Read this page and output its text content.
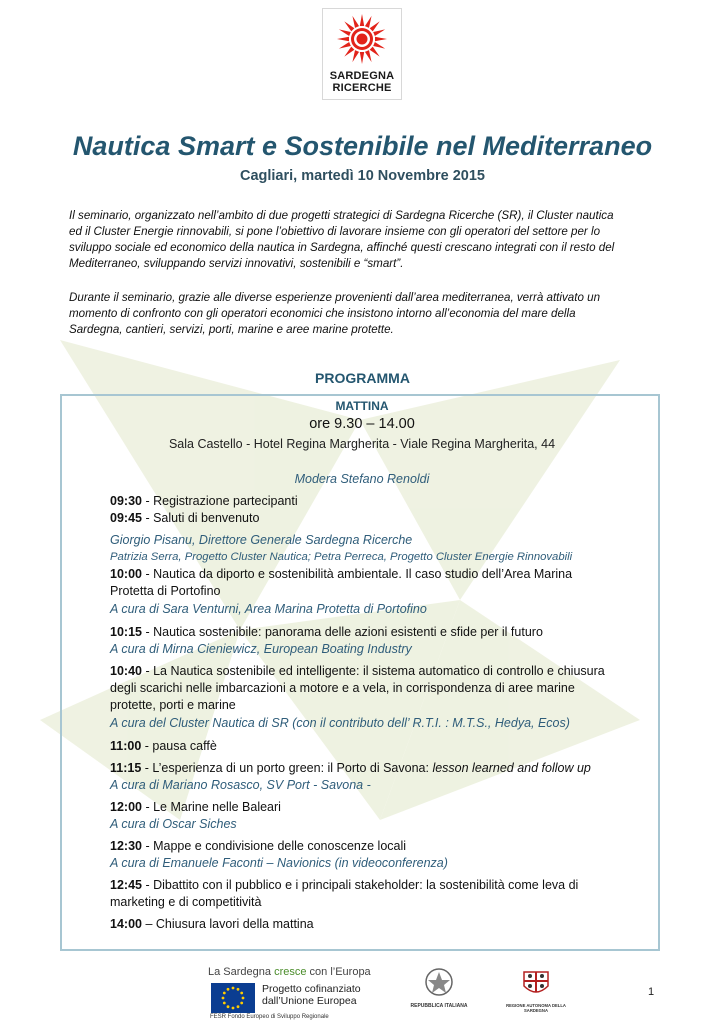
SARDEGNA
RICERCHE
Nautica Smart e Sostenibile nel Mediterraneo
Cagliari, martedì 10 Novembre 2015
Il seminario, organizzato nell’ambito di due progetti strategici di Sardegna Ricerche (SR), il Cluster nautica
ed il Cluster Energie rinnovabili, si pone l’obiettivo di lavorare insieme con gli operatori del settore per lo
sviluppo sociale ed economico della nautica in Sardegna, affinché questi crescano integrati con il resto del
Mediterraneo, sviluppando servizi innovativi, sostenibili e “smart”.
Durante il seminario, grazie alle diverse esperienze provenienti dall’area mediterranea, verrà attivato un
momento di confronto con gli operatori economici che insistono intorno all’economia del mare della
Sardegna, cantieri, servizi, porti, marine e aree marine protette.
PROGRAMMA
MATTINA
ore 9.30 – 14.00
Sala Castello - Hotel Regina Margherita - Viale Regina Margherita, 44
Modera Stefano Renoldi
09:30 - Registrazione partecipanti
09:45 - Saluti di benvenuto
Giorgio Pisanu, Direttore Generale Sardegna Ricerche
Patrizia Serra, Progetto Cluster Nautica; Petra Perreca, Progetto Cluster Energie Rinnovabili
10:00 - Nautica da diporto e sostenibilità ambientale. Il caso studio dell’Area Marina
Protetta di Portofino
A cura di Sara Venturni, Area Marina Protetta di Portofino
10:15 - Nautica sostenibile: panorama delle azioni esistenti e sfide per il futuro
A cura di Mirna Cieniewicz, European Boating Industry
10:40 - La Nautica sostenibile ed intelligente: il sistema automatico di controllo e chiusura
degli scarichi nelle imbarcazioni a motore e a vela, in corrispondenza di aree marine
protette, porti e marine
A cura del Cluster Nautica di SR (con il contributo dell’ R.T.I. : M.T.S., Hedya, Ecos)
11:00 - pausa caffè
11:15 - L’esperienza di un porto green: il Porto di Savona: lesson learned and follow up
A cura di Mariano Rosasco, SV Port - Savona -
12:00 - Le Marine nelle Baleari
A cura di Oscar Siches
12:30 - Mappe e condivisione delle conoscenze locali
A cura di Emanuele Faconti – Navionics (in videoconferenza)
12:45 - Dibattito con il pubblico e i principali stakeholder: la sostenibilità come leva di
marketing e di competitività
14:00 – Chiusura lavori della mattina
La Sardegna cresce con l’Europa
Progetto cofinanziato
dall’Unione Europea
FESR Fondo Europeo di Sviluppo Regionale
REPUBBLICA ITALIANA	REGIONE AUTONOMA DELLA SARDEGNA
1
